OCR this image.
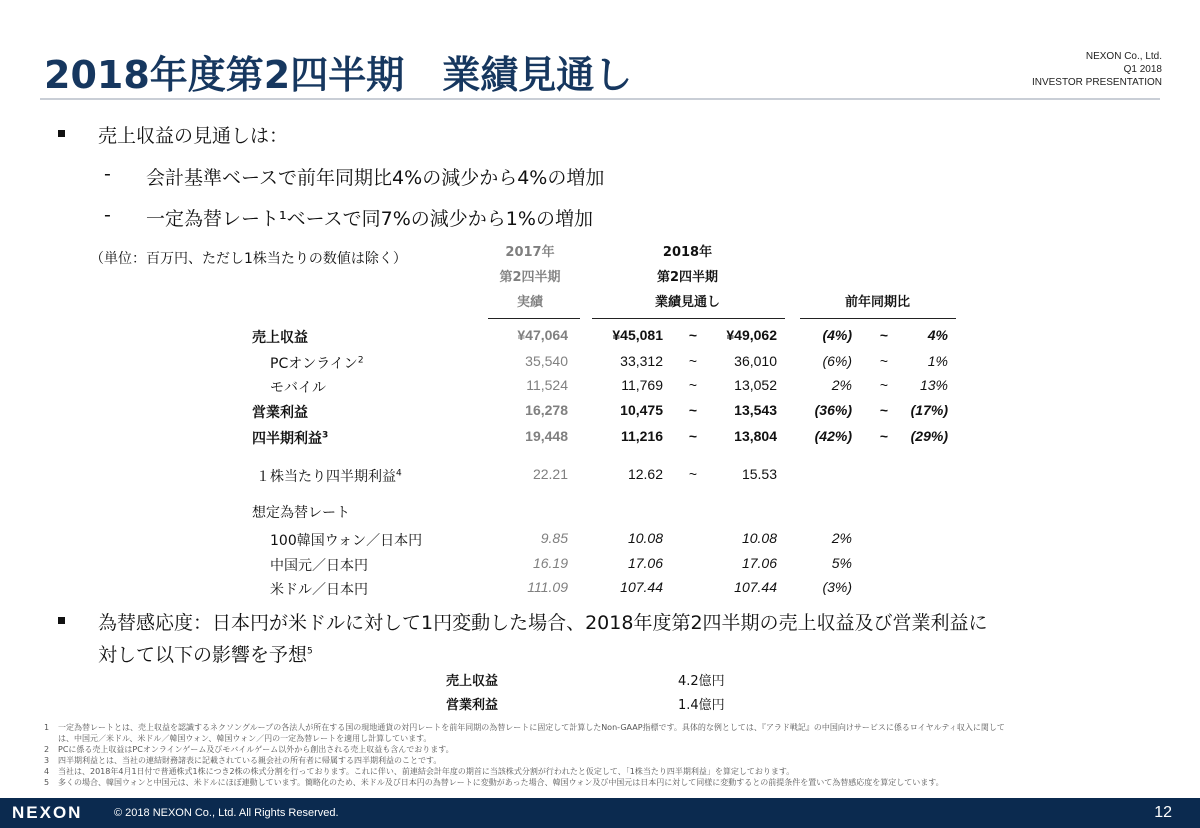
2018年度第2四半期　業績見通し	NEXON Co., Ltd.
Q1 2018
INVESTOR PRESENTATION
売上収益の見通しは：
- 会計基準ベースで前年同期比4%の減少から4%の増加
- 一定為替レート¹ベースで同7%の減少から1%の増加
（単位：百万円、ただし1株当たりの数値は除く）	2017年
第2四半期
実績
2018年
第2四半期
業績見通し	前年同期比
売上収益	¥47,064	¥45,081	~	¥49,062	(4%)	~	4%
PCオンライン$^2$	35,540	33,312	~	36,010	(6%)	~	1%
モバイル	11,524	11,769	~	13,052	2%	~	13%
営業利益	16,278	10,475	~	13,543	(36%)	~	(17%)
四半期利益$^3$	19,448	11,216	~	13,804	(42%)	~	(29%)
１株当たり四半期利益$^4$	22.21	12.62	~	15.53
想定為替レート
100韓国ウォン／日本円	9.85	10.08	10.08	2%
中国元／日本円	16.19	17.06	17.06	5%
米ドル／日本円	111.09	107.44	107.44	(3%)
為替感応度：日本円が米ドルに対して1円変動した場合、2018年度第2四半期の売上収益及び営業利益に
対して以下の影響を予想$^5$
売上収益	4.2億円
営業利益	1.4億円
1	一定為替レートとは、売上収益を認識するネクソングループの各法人が所在する国の現地通貨の対円レートを前年同期の為替レートに固定して計算したNon-GAAP指標です。具体的な例としては、『アラド戦記』の中国向けサービスに係るロイヤルティ収入に関して
は、中国元／米ドル、米ドル／韓国ウォン、韓国ウォン／円の一定為替レートを適用し計算しています。
2	PCに係る売上収益はPCオンラインゲーム及びモバイルゲーム以外から創出される売上収益も含んでおります。
3	四半期利益とは、当社の連結財務諸表に記載されている親会社の所有者に帰属する四半期利益のことです。
4	当社は、2018年4月1日付で普通株式1株につき2株の株式分割を行っております。これに伴い、前連結会計年度の期首に当該株式分割が行われたと仮定して、「1株当たり四半期利益」を算定しております。
5	多くの場合、韓国ウォンと中国元は、米ドルにほぼ連動しています。簡略化のため、米ドル及び日本円の為替レートに変動があった場合、韓国ウォン及び中国元は日本円に対して同様に変動するとの前提条件を置いて為替感応度を算定しています。
NEXON	© 2018 NEXON Co., Ltd. All Rights Reserved.	12
